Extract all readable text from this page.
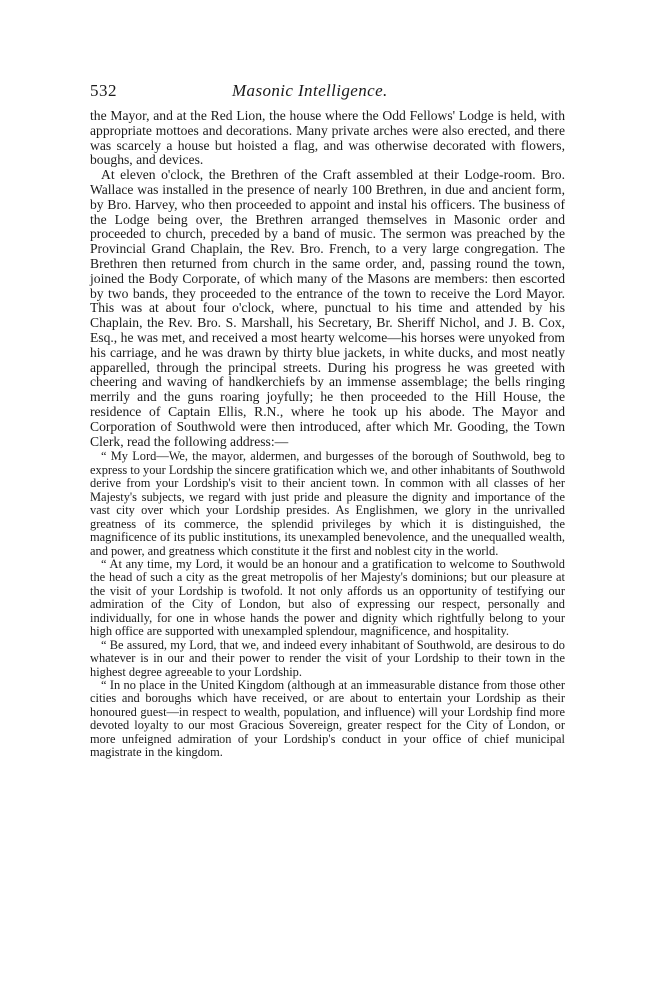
532	Masonic Intelligence.

the Mayor, and at the Red Lion, the house where the Odd Fellows' Lodge is held, with appropriate mottoes and decorations. Many private arches were also erected, and there was scarcely a house but hoisted a flag, and was otherwise decorated with flowers, boughs, and devices.

At eleven o'clock, the Brethren of the Craft assembled at their Lodge-room. Bro. Wallace was installed in the presence of nearly 100 Brethren, in due and ancient form, by Bro. Harvey, who then proceeded to appoint and instal his officers. The business of the Lodge being over, the Brethren arranged themselves in Masonic order and proceeded to church, preceded by a band of music. The sermon was preached by the Provincial Grand Chaplain, the Rev. Bro. French, to a very large congregation. The Brethren then returned from church in the same order, and, passing round the town, joined the Body Corporate, of which many of the Masons are members: then escorted by two bands, they proceeded to the entrance of the town to receive the Lord Mayor. This was at about four o'clock, where, punctual to his time and attended by his Chaplain, the Rev. Bro. S. Marshall, his Secretary, Br. Sheriff Nichol, and J. B. Cox, Esq., he was met, and received a most hearty welcome—his horses were unyoked from his carriage, and he was drawn by thirty blue jackets, in white ducks, and most neatly apparelled, through the principal streets. During his progress he was greeted with cheering and waving of handkerchiefs by an immense assemblage; the bells ringing merrily and the guns roaring joyfully; he then proceeded to the Hill House, the residence of Captain Ellis, R.N., where he took up his abode. The Mayor and Corporation of Southwold were then introduced, after which Mr. Gooding, the Town Clerk, read the following address:—

“ My Lord—We, the mayor, aldermen, and burgesses of the borough of Southwold, beg to express to your Lordship the sincere gratification which we, and other inhabitants of Southwold derive from your Lordship's visit to their ancient town. In common with all classes of her Majesty's subjects, we regard with just pride and pleasure the dignity and importance of the vast city over which your Lordship presides. As Englishmen, we glory in the unrivalled greatness of its commerce, the splendid privileges by which it is distinguished, the magnificence of its public institutions, its unexampled benevolence, and the unequalled wealth, and power, and greatness which constitute it the first and noblest city in the world.

“ At any time, my Lord, it would be an honour and a gratification to welcome to Southwold the head of such a city as the great metropolis of her Majesty's dominions; but our pleasure at the visit of your Lordship is twofold. It not only affords us an opportunity of testifying our admiration of the City of London, but also of expressing our respect, personally and individually, for one in whose hands the power and dignity which rightfully belong to your high office are supported with unexampled splendour, magnificence, and hospitality.

“ Be assured, my Lord, that we, and indeed every inhabitant of Southwold, are desirous to do whatever is in our and their power to render the visit of your Lordship to their town in the highest degree agreeable to your Lordship.

“ In no place in the United Kingdom (although at an immeasurable distance from those other cities and boroughs which have received, or are about to entertain your Lordship as their honoured guest—in respect to wealth, population, and influence) will your Lordship find more devoted loyalty to our most Gracious Sovereign, greater respect for the City of London, or more unfeigned admiration of your Lordship's conduct in your office of chief municipal magistrate in the kingdom.
